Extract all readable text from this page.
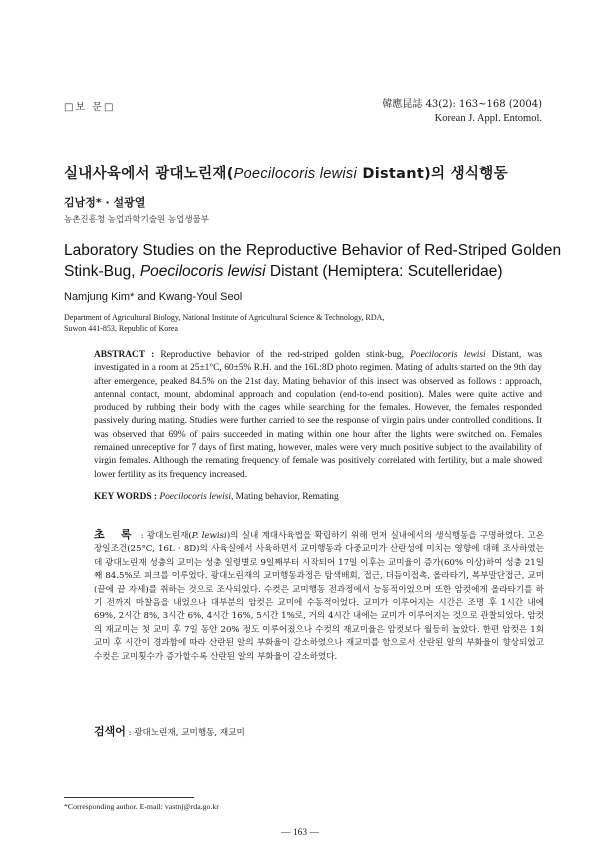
□보 문□	韓應昆誌 43(2): 163~168 (2004)
Korean J. Appl. Entomol.
실내사육에서 광대노린재(Poecilocoris lewisi Distant)의 생식행동
김남정* · 설광열
농촌진흥청 농업과학기술원 농업생물부
Laboratory Studies on the Reproductive Behavior of Red-Striped Golden
Stink-Bug, Poecilocoris lewisi Distant (Hemiptera: Scutelleridae)
Namjung Kim* and Kwang-Youl Seol
Department of Agricultural Biology, National Institute of Agricultural Science & Technology, RDA,
Suwon 441-853, Republic of Korea
ABSTRACT : Reproductive behavior of the red-striped golden stink-bug, Poecilocoris lewisi Distant, was investigated in a room at 25±1°C, 60±5% R.H. and the 16L:8D photo regimen. Mating of adults started on the 9th day after emergence, peaked 84.5% on the 21st day. Mating behavior of this insect was observed as follows : approach, antennal contact, mount, abdominal approach and copulation (end-to-end position). Males were quite active and produced by rubbing their body with the cages while searching for the females. However, the females responded passively during mating. Studies were further carried to see the response of virgin pairs under controlled conditions. It was observed that 69% of pairs succeeded in mating within one hour after the lights were switched on. Females remained unreceptive for 7 days of first mating, however, males were very much positive subject to the availability of virgin females. Although the remating frequency of female was positively correlated with fertility, but a male showed lower fertility as its frequency increased.
KEY WORDS : Poecilocoris lewisi, Mating behavior, Remating
초 록 : 광대노린재(P. lewisi)의 실내 계대사육법을 확립하기 위해 먼저 실내에서의 생식행동을 구명하였다. 고온장일조건(25°C, 16L · 8D)의 사육실에서 사육하면서 교미행동과 다중교미가 산란성에 미치는 영향에 대해 조사하였는데 광대노린재 성충의 교미는 성충 일령별로 9일째부터 시작되어 17일 이후는 교미율이 증가(60% 이상)하여 성충 21일째 84.5%로 피크를 이루었다. 광대노린재의 교미행동과정은 탐색배회, 접근, 더듬이접촉, 올라타기, 복부말단접근, 교미(끝에 끝 자세)를 취하는 것으로 조사되었다. 수컷은 교미행동 전과정에서 능동적이었으며 또한 암컷에게 올라타기를 하기 전까지 마찰음을 내었으나 대부분의 암컷은 교미에 수동적이었다. 교미가 이루어지는 시간은 조명 후 1시간 내에 69%, 2시간 8%, 3시간 6%, 4시간 16%, 5시간 1%로, 거의 4시간 내에는 교미가 이루어지는 것으로 관찰되었다. 암컷의 재교미는 첫 교미 후 7일 동안 20% 정도 이루어졌으나 수컷의 재교미율은 암컷보다 월등히 높았다. 한편 암컷은 1회 교미 후 시간이 경과함에 따라 산란된 알의 부화율이 감소하였으나 재교미를 함으로서 산란된 알의 부화율이 향상되었고 수컷은 교미횟수가 증가할수록 산란된 알의 부화율이 감소하였다.
검색어 : 광대노린재, 교미행동, 재교미
*Corresponding author. E-mail: vastnj@rda.go.kr
— 163 —
